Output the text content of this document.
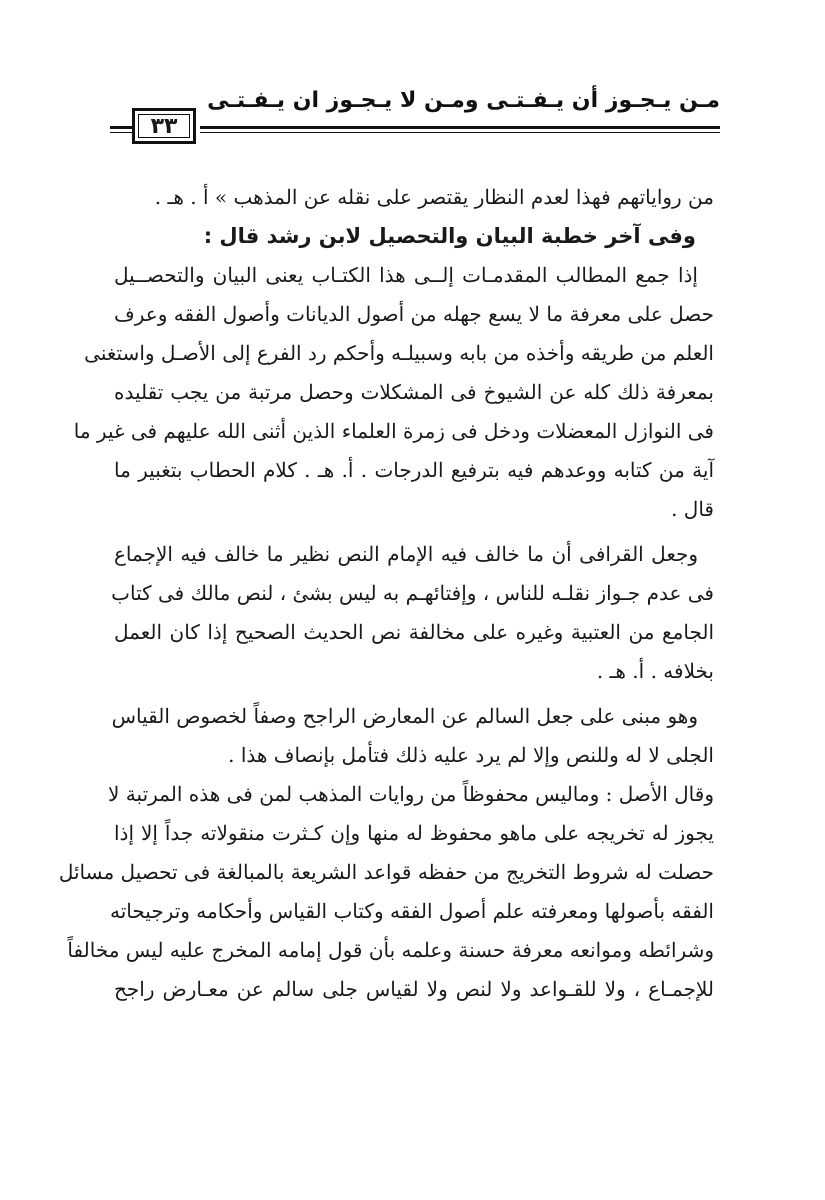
مـن يـجـوز أن يـفـتـى ومـن لا يـجـوز ان يـفـتـى
٣٣
من رواياتهم فهذا لعدم النظار يقتصر على نقله عن المذهب » أ . هـ .
وفى آخر خطبة البيان والتحصيل لابن رشد قال :
إذا جمع المطالب المقدمـات إلــى هذا الكتـاب يعنى البيان والتحصــيل
حصل على معرفة ما لا يسع جهله من أصول الديانات وأصول الفقه وعرف
العلم من طريقه وأخذه من بابه وسبيلـه وأحكم رد الفرع إلى الأصـل واستغنى
بمعرفة ذلك كله عن الشيوخ فى المشكلات وحصل مرتبة من يجب تقليده
فى النوازل المعضلات ودخل فى زمرة العلماء الذين أثنى الله عليهم فى غير ما
آية من كتابه ووعدهم فيه بترفيع الدرجات . أ. هـ . كلام الحطاب بتغبير ما
قال .
وجعل القرافى أن ما خالف فيه الإمام النص نظير ما خالف فيه الإجماع
فى عدم جـواز نقلـه للناس ، وإفتائهـم به ليس بشئ ، لنص مالك فى كتاب
الجامع من العتبية وغيره على مخالفة نص الحديث الصحيح إذا كان العمل
بخلافه . أ. هـ .
وهو مبنى على جعل السالم عن المعارض الراجح وصفاً لخصوص القياس
الجلى لا له وللنص وإلا لم يرد عليه ذلك فتأمل بإنصاف هذا .
وقال الأصل : وماليس محفوظاً من روايات المذهب لمن فى هذه المرتبة لا
يجوز له تخريجه على ماهو محفوظ له منها وإن كـثرت منقولاته جداً إلا إذا
حصلت له شروط التخريج من حفظه قواعد الشريعة بالمبالغة فى تحصيل مسائل
الفقه بأصولها ومعرفته علم أصول الفقه وكتاب القياس وأحكامه وترجيحاته
وشرائطه وموانعه معرفة حسنة وعلمه بأن قول إمامه المخرج عليه ليس مخالفاً
للإجمـاع ، ولا للقـواعد ولا لنص ولا لقياس جلى سالم عن معـارض راجح
